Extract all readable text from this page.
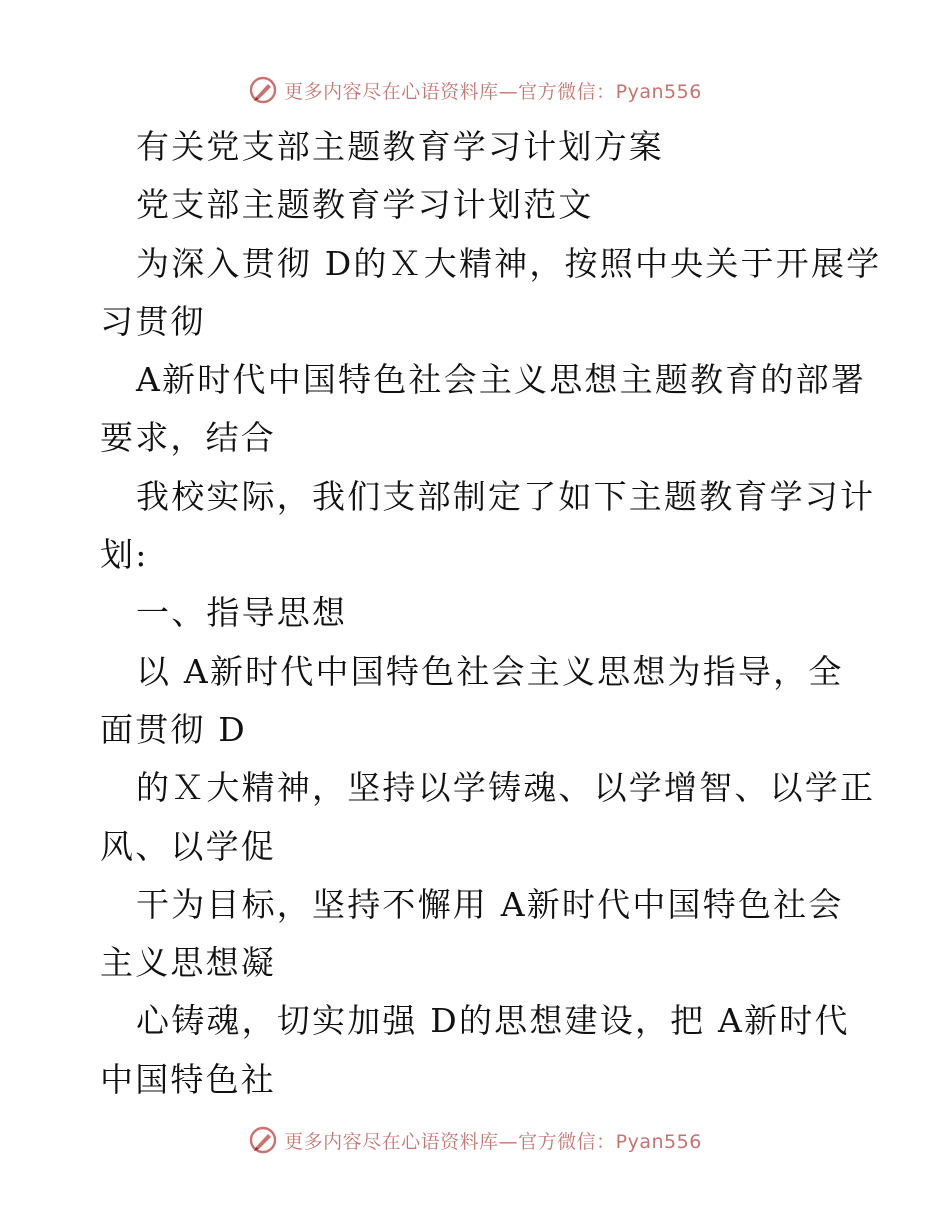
更多内容尽在心语资料库—官方微信：Pyan556
有关党支部主题教育学习计划方案
党支部主题教育学习计划范文
为深入贯彻 D的Ｘ大精神，按照中央关于开展学
习贯彻
A新时代中国特色社会主义思想主题教育的部署
要求，结合
我校实际，我们支部制定了如下主题教育学习计
划:
一、指导思想
以 A新时代中国特色社会主义思想为指导，全
面贯彻 D
的Ｘ大精神，坚持以学铸魂、以学增智、以学正
风、以学促
干为目标，坚持不懈用 A新时代中国特色社会
主义思想凝
心铸魂，切实加强 D的思想建设，把 A新时代
中国特色社
更多内容尽在心语资料库—官方微信：Pyan556
